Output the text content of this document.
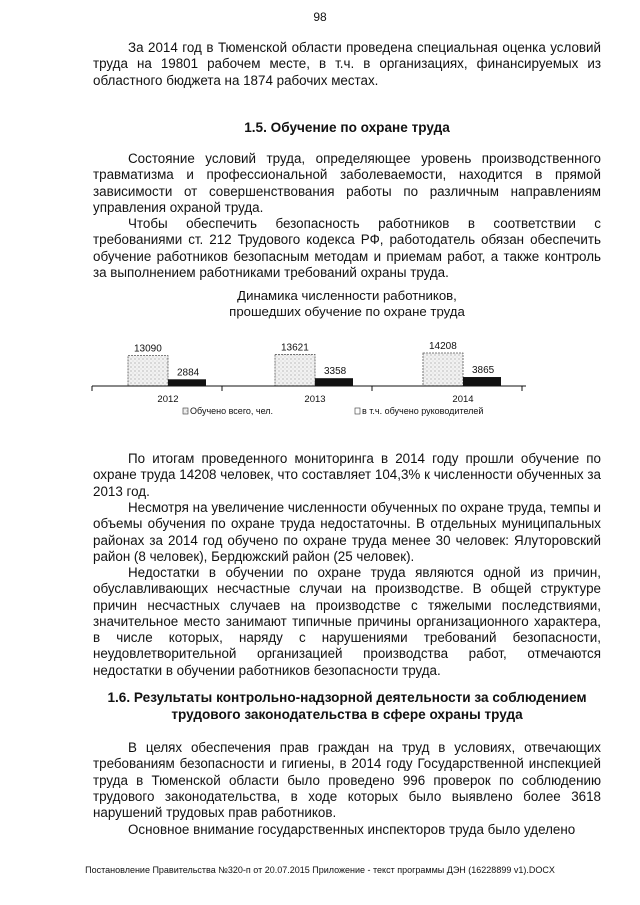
98
За 2014 год в Тюменской области проведена специальная оценка условий труда на 19801 рабочем месте, в т.ч. в организациях, финансируемых из областного бюджета на 1874 рабочих местах.
1.5. Обучение по охране труда
Состояние условий труда, определяющее уровень производственного травматизма и профессиональной заболеваемости, находится в прямой зависимости от совершенствования работы по различным направлениям управления охраной труда.
Чтобы обеспечить безопасность работников в соответствии с требованиями ст. 212 Трудового кодекса РФ, работодатель обязан обеспечить обучение работников безопасным методам и приемам работ, а также контроль за выполнением работниками требований охраны труда.
Динамика численности работников,
прошедших обучение по охране труда
13090
2884
2012
13621
3358
2013
14208
3865
2014
Обучено всего, чел.	в т.ч. обучено руководителей
По итогам проведенного мониторинга в 2014 году прошли обучение по охране труда 14208 человек, что составляет 104,3% к численности обученных за 2013 год.
Несмотря на увеличение численности обученных по охране труда, темпы и объемы обучения по охране труда недостаточны. В отдельных муниципальных районах за 2014 год обучено по охране труда менее 30 человек: Ялуторовский район (8 человек), Бердюжский район (25 человек).
Недостатки в обучении по охране труда являются одной из причин, обуславливающих несчастные случаи на производстве. В общей структуре причин несчастных случаев на производстве с тяжелыми последствиями, значительное место занимают типичные причины организационного характера, в числе которых, наряду с нарушениями требований безопасности, неудовлетворительной организацией производства работ, отмечаются недостатки в обучении работников безопасности труда.
1.6. Результаты контрольно-надзорной деятельности за соблюдением трудового законодательства в сфере охраны труда
В целях обеспечения прав граждан на труд в условиях, отвечающих требованиям безопасности и гигиены, в 2014 году Государственной инспекцией труда в Тюменской области было проведено 996 проверок по соблюдению трудового законодательства, в ходе которых было выявлено более 3618 нарушений трудовых прав работников.
Основное внимание государственных инспекторов труда было уделено
Постановление Правительства №320-п от 20.07.2015 Приложение - текст программы ДЭН (16228899 v1).DOCX
